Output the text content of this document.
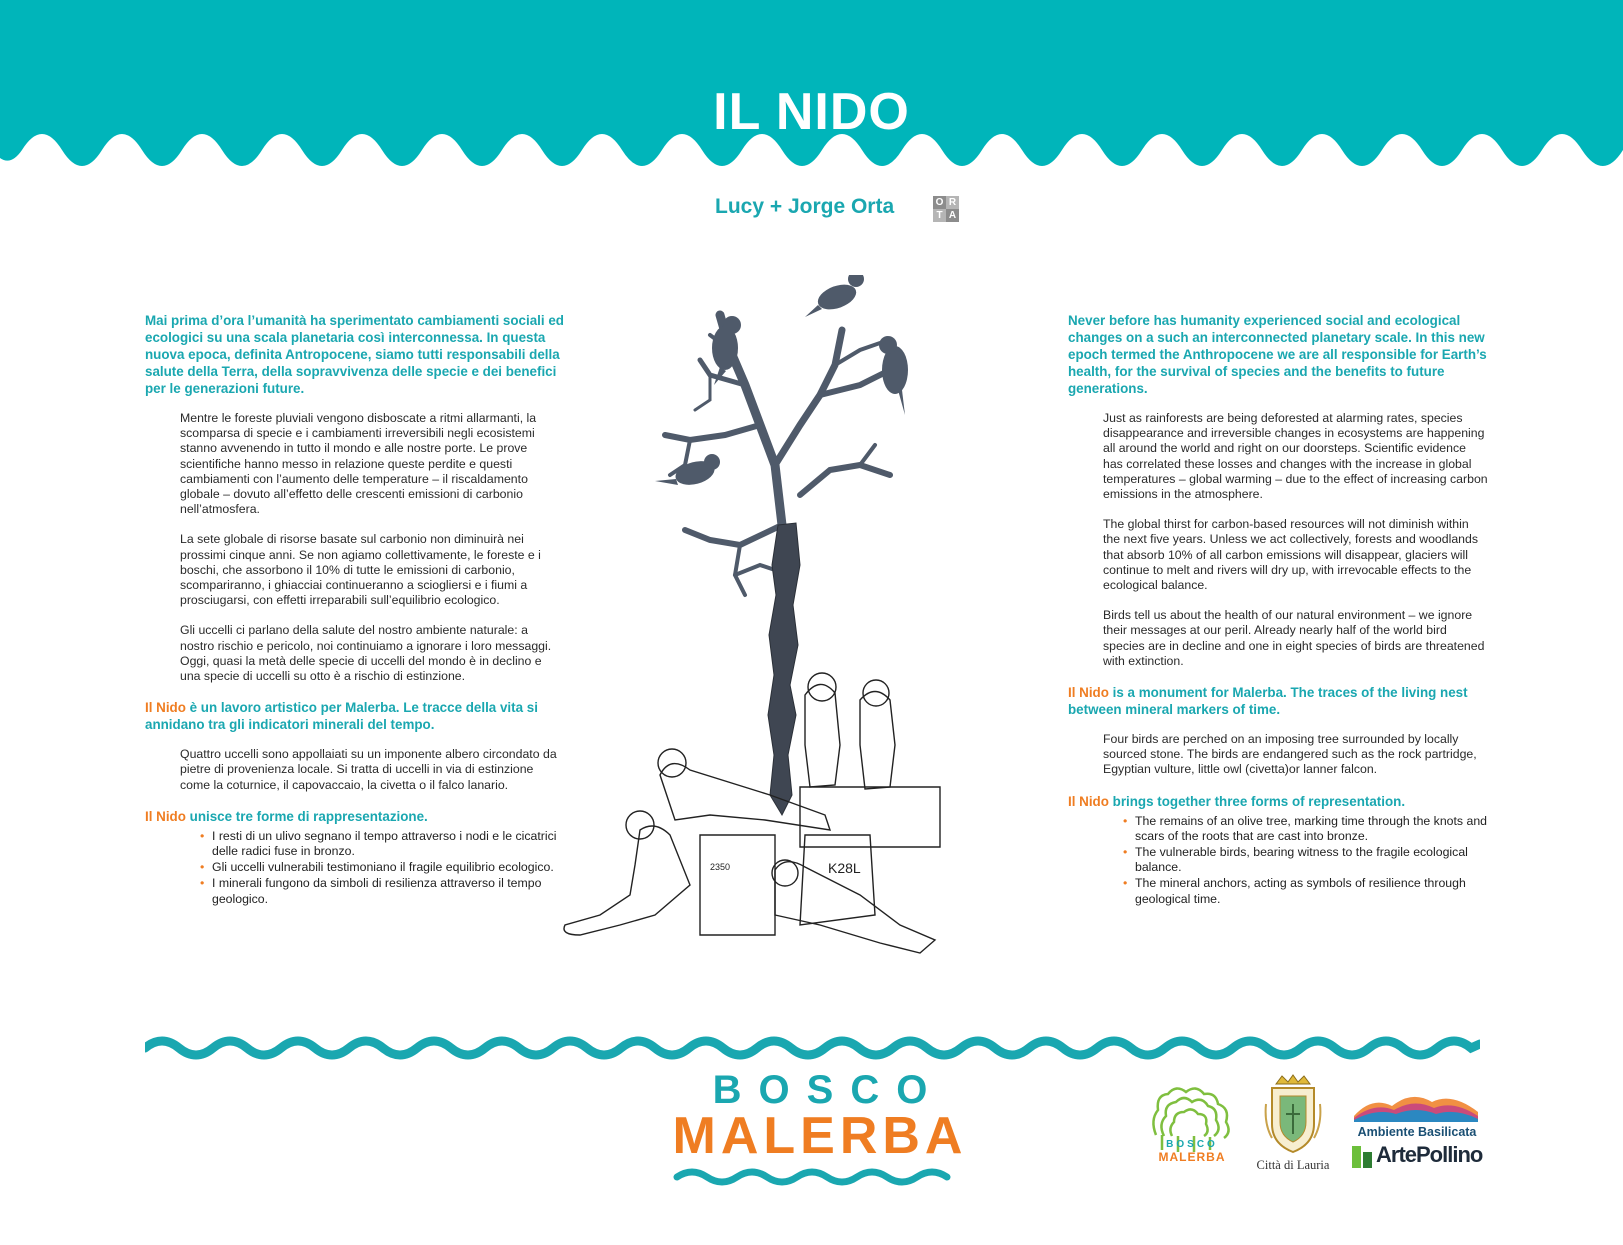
IL NIDO
Lucy + Jorge Orta	O R
T A

Mai prima d’ora l’umanità ha sperimentato cambiamenti sociali ed ecologici su una scala planetaria così interconnessa. In questa nuova epoca, definita Antropocene, siamo tutti responsabili della salute della Terra, della sopravvivenza delle specie e dei benefici per le generazioni future.

Mentre le foreste pluviali vengono disboscate a ritmi allarmanti, la scomparsa di specie e i cambiamenti irreversibili negli ecosistemi stanno avvenendo in tutto il mondo e alle nostre porte. Le prove scientifiche hanno messo in relazione queste perdite e questi cambiamenti con l’aumento delle temperature – il riscaldamento globale – dovuto all’effetto delle crescenti emissioni di carbonio nell’atmosfera.

La sete globale di risorse basate sul carbonio non diminuirà nei prossimi cinque anni. Se non agiamo collettivamente, le foreste e i boschi, che assorbono il 10% di tutte le emissioni di carbonio, scompariranno, i ghiacciai continueranno a sciogliersi e i fiumi a prosciugarsi, con effetti irreparabili sull’equilibrio ecologico.

Gli uccelli ci parlano della salute del nostro ambiente naturale: a nostro rischio e pericolo, noi continuiamo a ignorare i loro messaggi. Oggi, quasi la metà delle specie di uccelli del mondo è in declino e una specie di uccelli su otto è a rischio di estinzione.

Il Nido è un lavoro artistico per Malerba. Le tracce della vita si annidano tra gli indicatori minerali del tempo.

Quattro uccelli sono appollaiati su un imponente albero circondato da pietre di provenienza locale. Si tratta di uccelli in via di estinzione come la coturnice, il capovaccaio, la civetta o il falco lanario.

Il Nido unisce tre forme di rappresentazione.

• I resti di un ulivo segnano il tempo attraverso i nodi e le cicatrici delle radici fuse in bronzo.
• Gli uccelli vulnerabili testimoniano il fragile equilibrio ecologico.
• I minerali fungono da simboli di resilienza attraverso il tempo geologico.

Never before has humanity experienced social and ecological changes on a such an interconnected planetary scale. In this new epoch termed the Anthropocene we are all responsible for Earth’s health, for the survival of species and the benefits to future generations.

Just as rainforests are being deforested at alarming rates, species disappearance and irreversible changes in ecosystems are happening all around the world and right on our doorsteps. Scientific evidence has correlated these losses and changes with the increase in global temperatures – global warming – due to the effect of increasing carbon emissions in the atmosphere.

The global thirst for carbon-based resources will not diminish within the next five years. Unless we act collectively, forests and woodlands that absorb 10% of all carbon emissions will disappear, glaciers will continue to melt and rivers will dry up, with irrevocable effects to the ecological balance.

Birds tell us about the health of our natural environment – we ignore their messages at our peril. Already nearly half of the world bird species are in decline and one in eight species of birds are threatened with extinction.

Il Nido is a monument for Malerba. The traces of the living nest between mineral markers of time.

Four birds are perched on an imposing tree surrounded by locally sourced stone. The birds are endangered such as the rock partridge, Egyptian vulture, little owl (civetta)or lanner falcon.

Il Nido brings together three forms of representation.

• The remains of an olive tree, marking time through the knots and scars of the roots that are cast into bronze.
• The vulnerable birds, bearing witness to the fragile ecological balance.
• The mineral anchors, acting as symbols of resilience through geological time.
K28L
2350
BOSCO
MALERBA	BOSCO
MALERBA
Città di Lauria
Ambiente Basilicata
ArtePollino
